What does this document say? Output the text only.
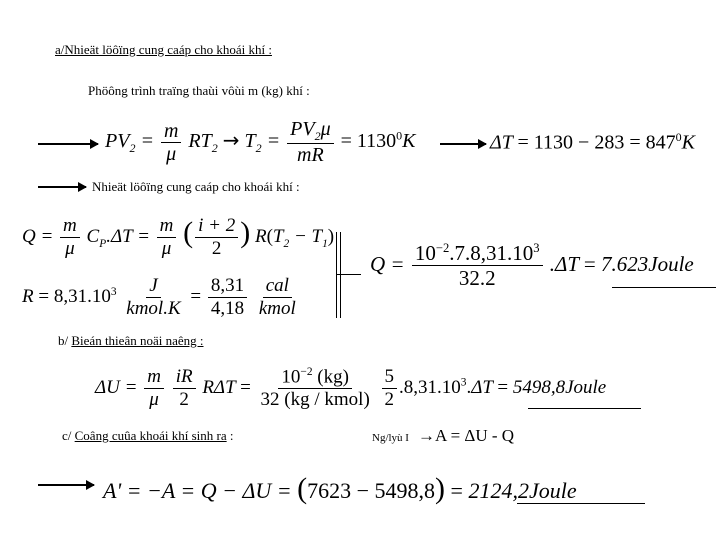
a/Nhieät löôïng cung caáp cho khoái khí :
Phöông trình traïng thaùi vôùi m (kg) khí :
$PV_2 = \frac{m}{\mu} RT_2 \to T_2 = \frac{PV_2\mu}{mR} = 1130^0K$	$\Delta T = 1130 - 283 = 847^0K$
Nhieät löôïng cung caáp cho khoái khí :
$Q = \frac{m}{\mu} C_P.\Delta T = \frac{m}{\mu}$ ( $\frac{i + 2}{2}$ ) $R(T_2 - T_1)$
$R = 8,31.10^3 \frac{J}{\text{kmol.K}} = \frac{8,31}{4,18}$
$\frac{\text{cal}}{\text{kmol}}$
$Q = \frac{10^{-2}.7.8,31.10^3}{32.2} .\Delta T$ = 7.623Joule
b/ Bieán thieân noäi naêng :
$\Delta U = \frac{m}{\mu}$
$\frac{iR}{2}$ $R\Delta T = \frac{10^{-2} (kg)}{\text{32 (kg / kmol)}}$
$\frac{5}{2} .8,31.10^3.\Delta T$ = 5498,8Joule
c/ Coâng cuûa khoái khí sinh ra :	Ng/lyù I →A = ΔU - Q
A' = −A = Q − ΔU = (7623 − 5498,8) = 2124,2Joule
